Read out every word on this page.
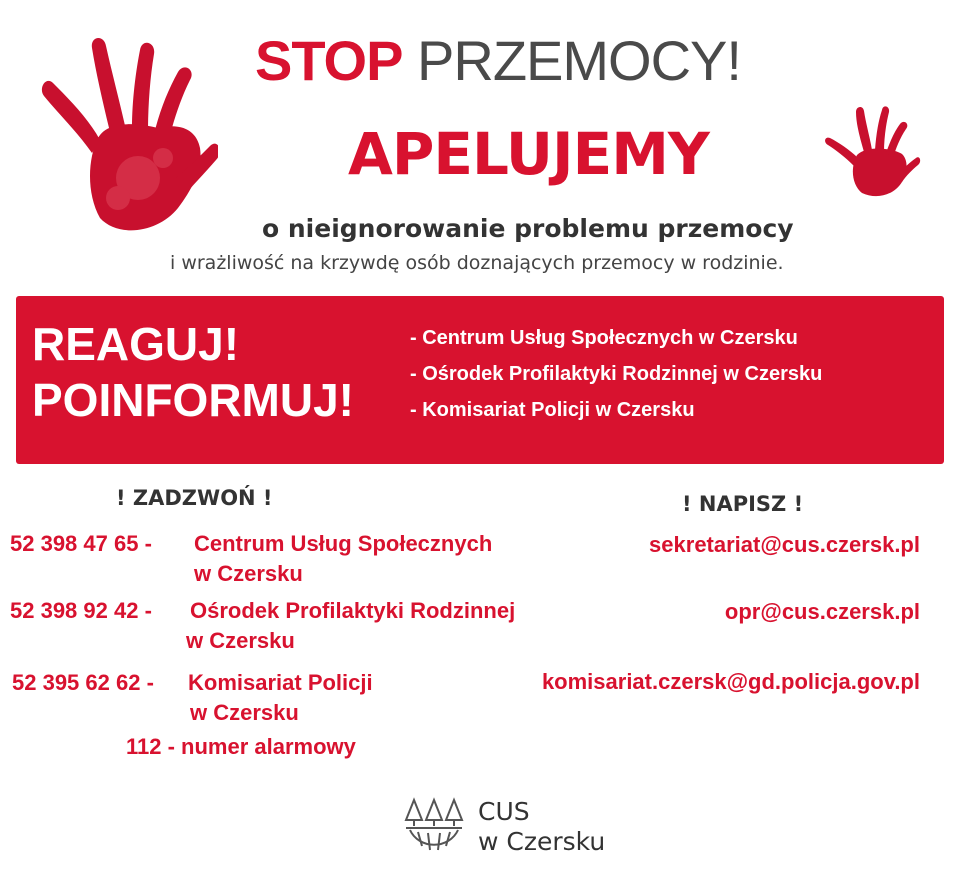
STOP PRZEMOCY!
APELUJEMY
o nieignorowanie problemu przemocy
i wrażliwość na krzywdę osób doznających przemocy w rodzinie.
REAGUJ!
POINFORMUJ!
- Centrum Usług Społecznych w Czersku
- Ośrodek Profilaktyki Rodzinnej w Czersku
- Komisariat Policji w Czersku
! ZADZWOŃ !	! NAPISZ !
52 398 47 65 - Centrum Usług Społecznych
w Czersku
52 398 92 42 - Ośrodek Profilaktyki Rodzinnej
w Czersku
52 395 62 62 - Komisariat Policji
w Czersku
112 - numer alarmowy
sekretariat@cus.czersk.pl
opr@cus.czersk.pl
komisariat.czersk@gd.policja.gov.pl
CUS
w Czersku
